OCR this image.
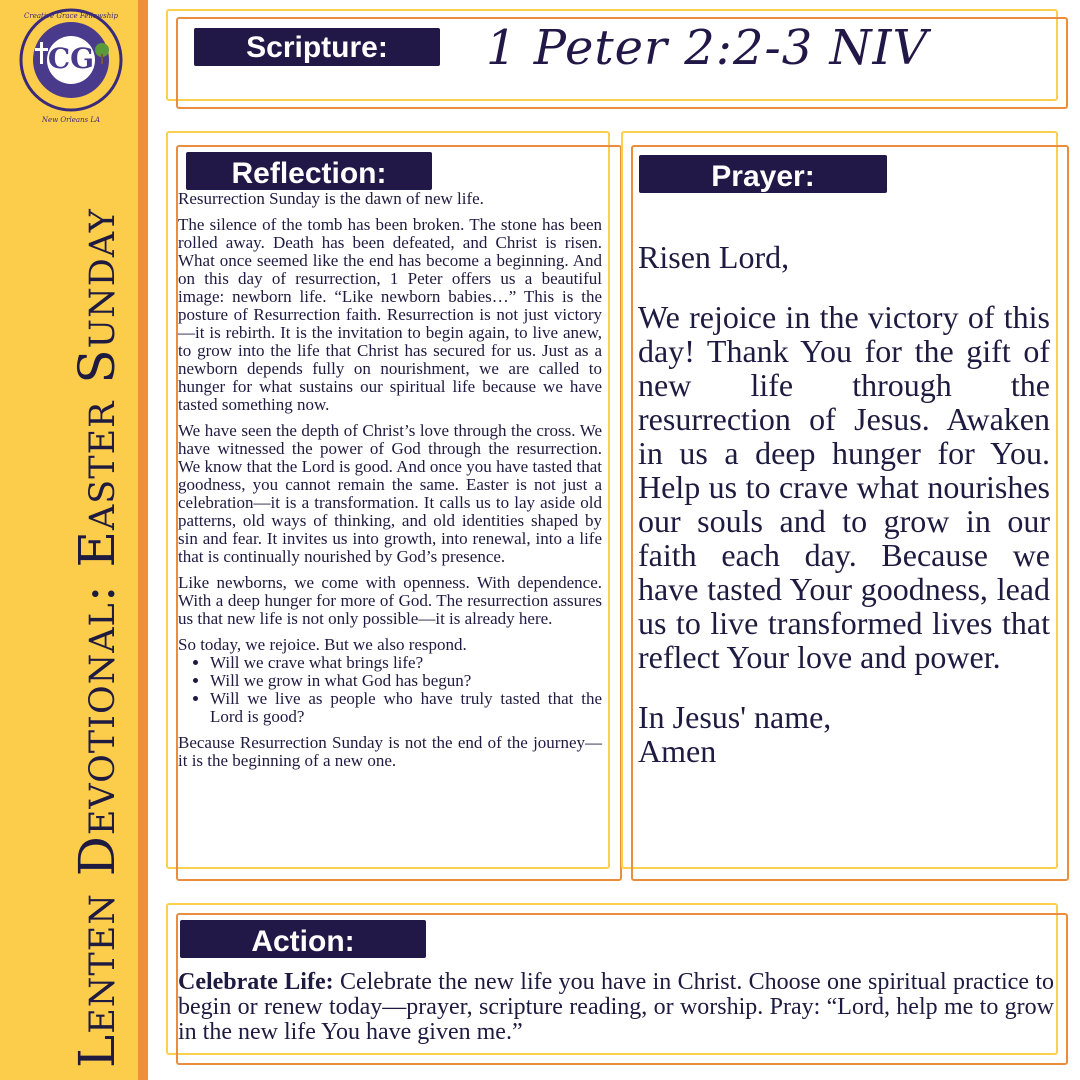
CG
Creative Grace Fellowship
New Orleans LA
Lenten Devotional: Easter Sunday
Scripture:	1 Peter 2:2-3 NIV
Reflection:

Resurrection Sunday is the dawn of new life.

The silence of the tomb has been broken. The stone has been rolled away. Death has been defeated, and Christ is risen. What once seemed like the end has become a beginning. And on this day of resurrection, 1 Peter offers us a beautiful image: newborn life. “Like newborn babies…” This is the posture of Resurrection faith. Resurrection is not just victory—it is rebirth. It is the invitation to begin again, to live anew, to grow into the life that Christ has secured for us. Just as a newborn depends fully on nourishment, we are called to hunger for what sustains our spiritual life because we have tasted something now.

We have seen the depth of Christ’s love through the cross. We have witnessed the power of God through the resurrection. We know that the Lord is good. And once you have tasted that goodness, you cannot remain the same. Easter is not just a celebration—it is a transformation. It calls us to lay aside old patterns, old ways of thinking, and old identities shaped by sin and fear. It invites us into growth, into renewal, into a life that is continually nourished by God’s presence.

Like newborns, we come with openness. With dependence. With a deep hunger for more of God. The resurrection assures us that new life is not only possible—it is already here.

So today, we rejoice. But we also respond.

• Will we crave what brings life?
• Will we grow in what God has begun?
• Will we live as people who have truly tasted that the Lord is good?

Because Resurrection Sunday is not the end of the journey—it is the beginning of a new one.

Prayer:

Risen Lord,

We rejoice in the victory of this day! Thank You for the gift of new life through the resurrection of Jesus. Awaken in us a deep hunger for You. Help us to crave what nourishes our souls and to grow in our faith each day. Because we have tasted Your goodness, lead us to live transformed lives that reflect Your love and power.

In Jesus' name,
Amen
Action:
Celebrate Life: Celebrate the new life you have in Christ. Choose one spiritual practice to begin or renew today—prayer, scripture reading, or worship. Pray: “Lord, help me to grow in the new life You have given me.”
